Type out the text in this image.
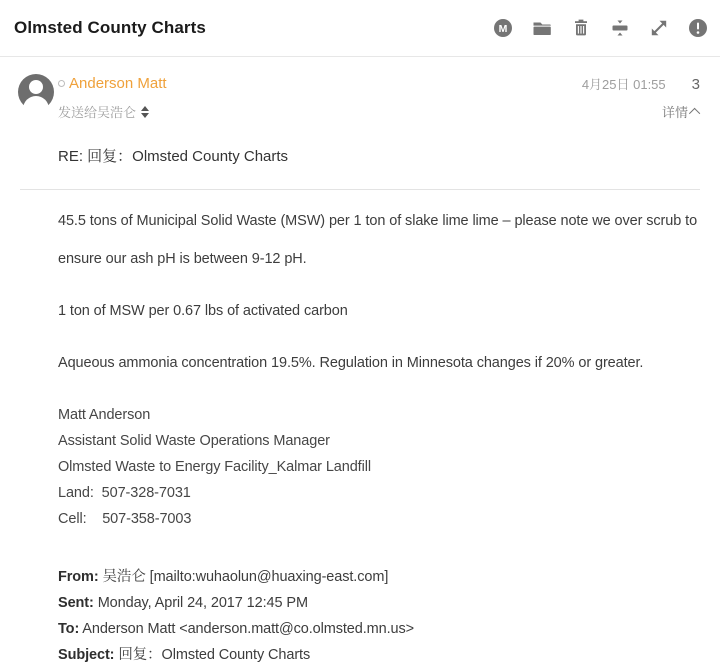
Olmsted County Charts	M
Anderson Matt	4月25日 01:55 3
发送给吴浩仑	详情
RE: 回复：Olmsted County Charts

45.5 tons of Municipal Solid Waste (MSW) per 1 ton of slake lime lime – please note we over scrub to ensure our ash pH is between 9-12 pH.

1 ton of MSW per 0.67 lbs of activated carbon

Aqueous ammonia concentration 19.5%. Regulation in Minnesota changes if 20% or greater.

Matt Anderson
Assistant Solid Waste Operations Manager
Olmsted Waste to Energy Facility_Kalmar Landfill
Land:  507-328-7031
Cell:    507-358-7003
From: 吴浩仑 [mailto:wuhaolun@huaxing-east.com]
Sent: Monday, April 24, 2017 12:45 PM
To: Anderson Matt <anderson.matt@co.olmsted.mn.us>
Subject: 回复：Olmsted County Charts
